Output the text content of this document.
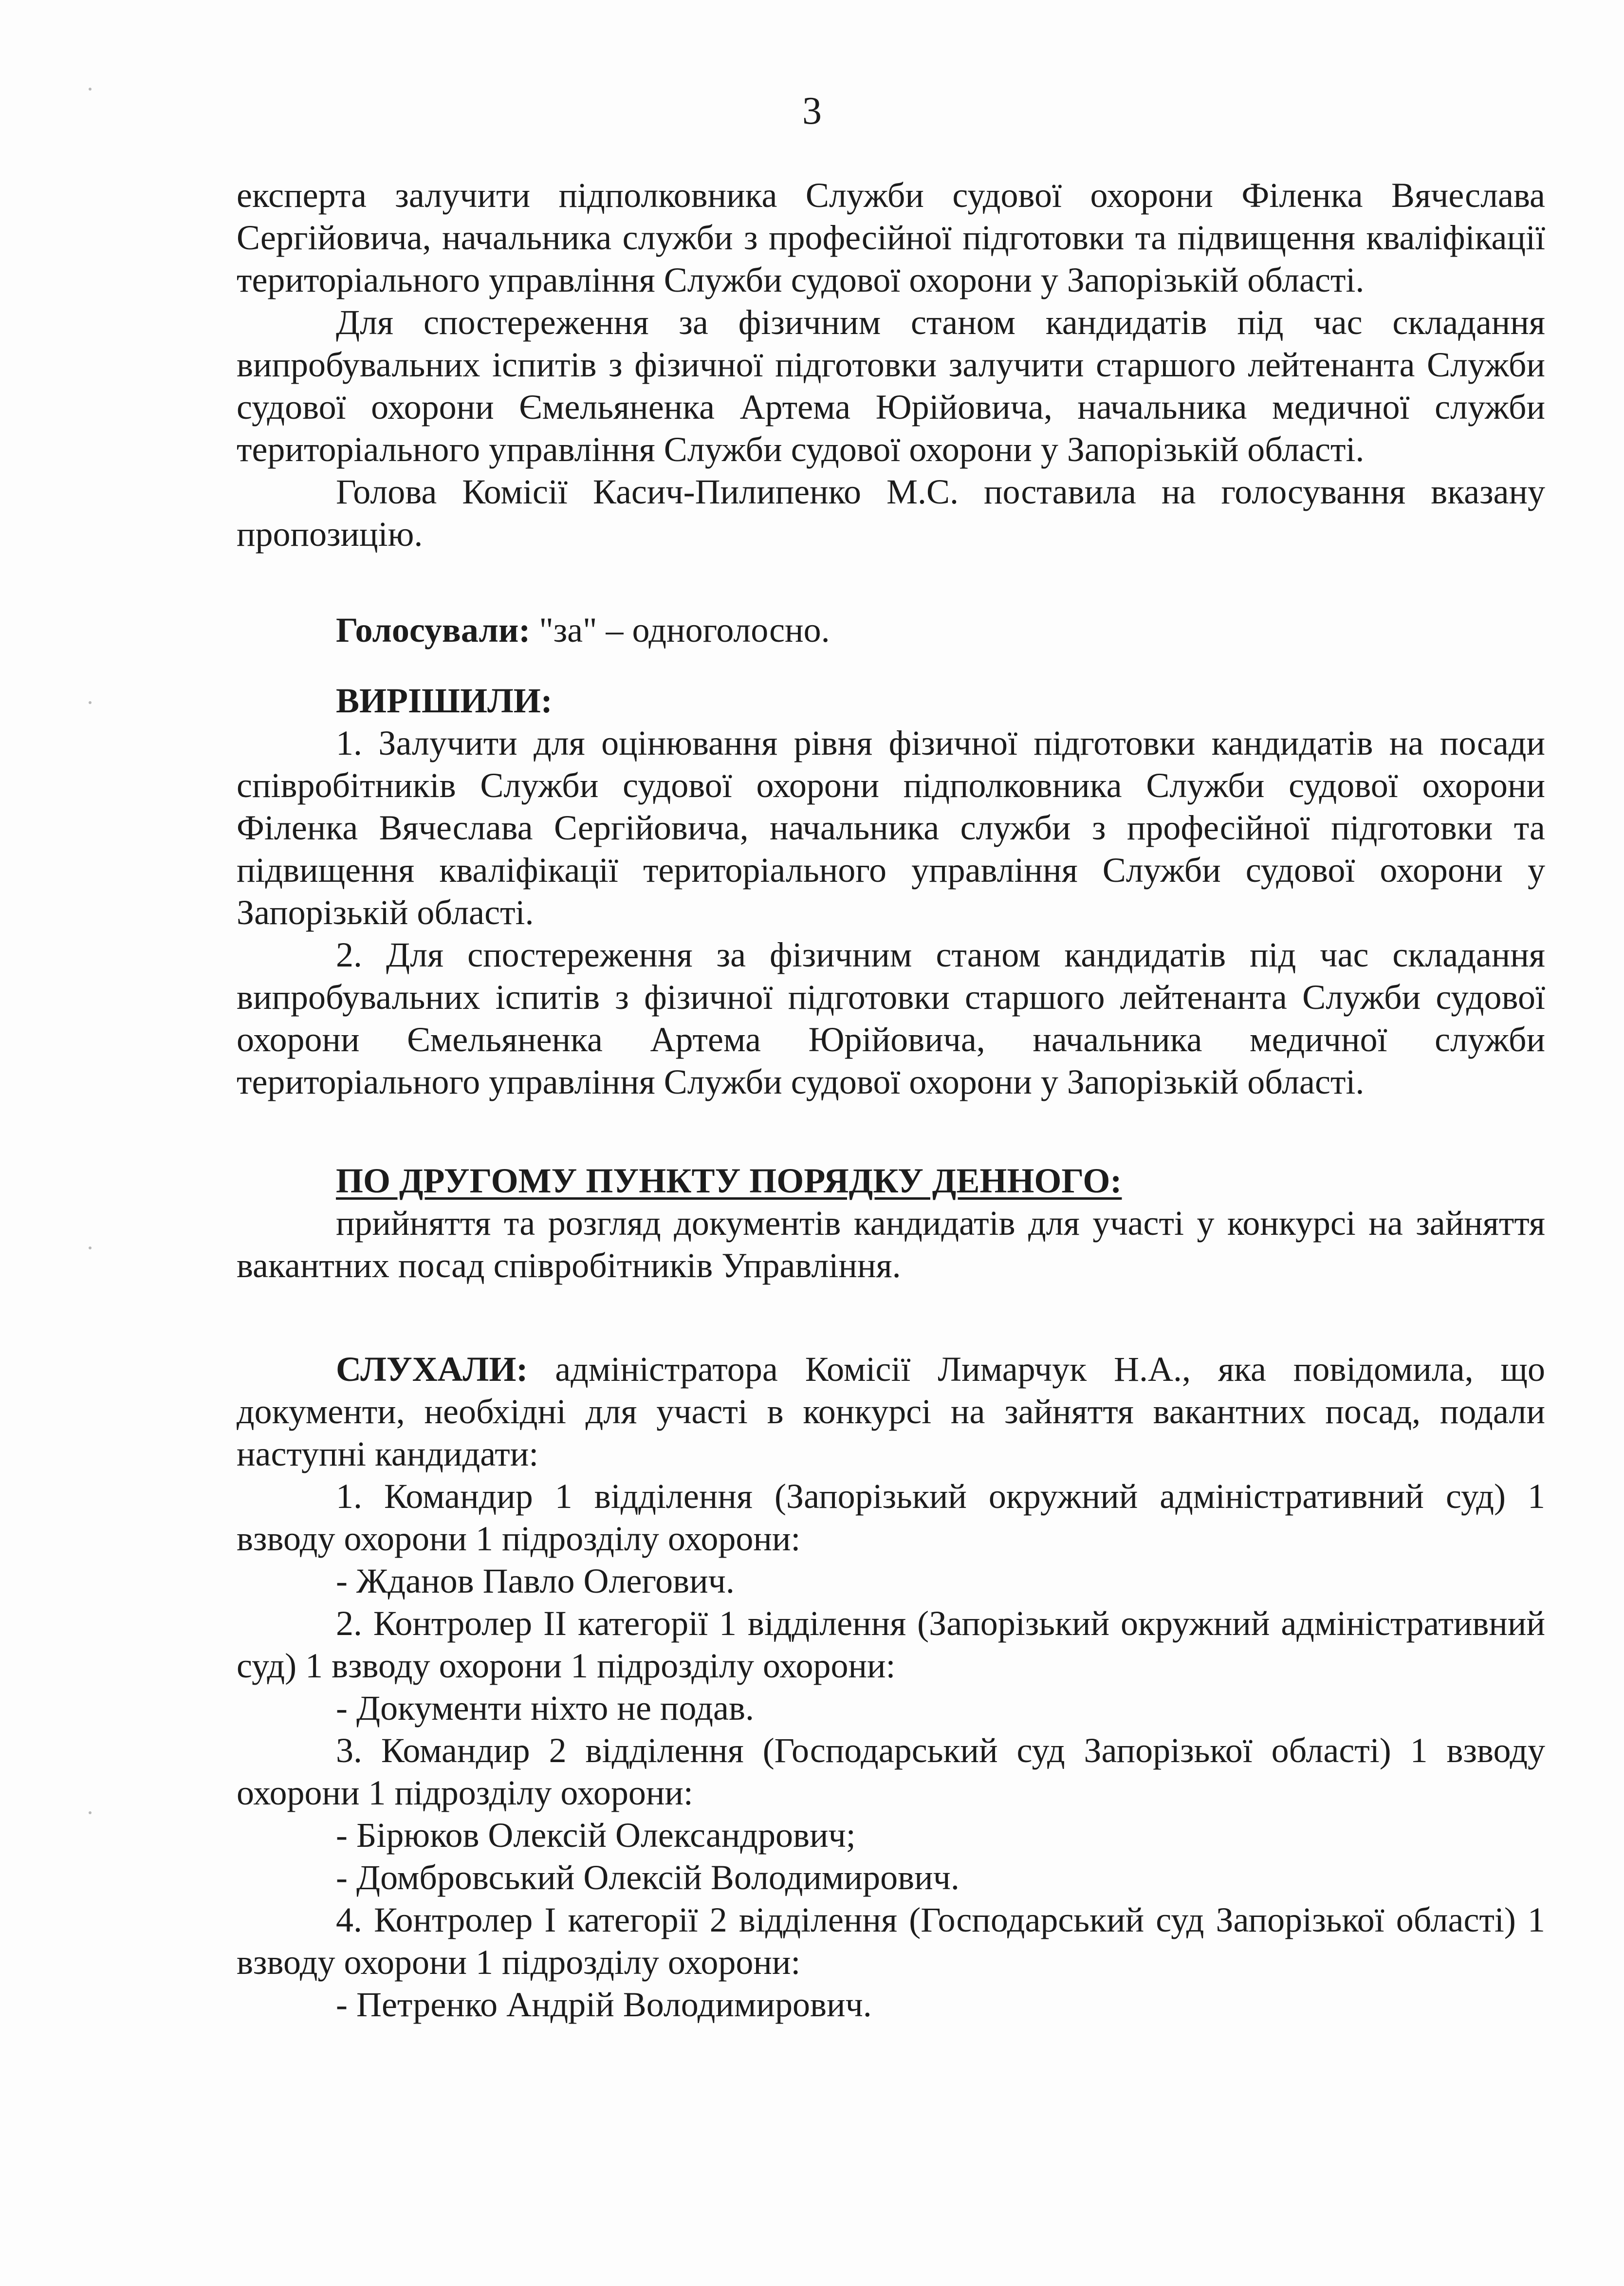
3

експерта залучити підполковника Служби судової охорони Філенка Вячеслава Сергійовича, начальника служби з професійної підготовки та підвищення кваліфікації територіального управління Служби судової охорони у Запорізькій області.

Для спостереження за фізичним станом кандидатів під час складання випробувальних іспитів з фізичної підготовки залучити старшого лейтенанта Служби судової охорони Ємельяненка Артема Юрійовича, начальника медичної служби територіального управління Служби судової охорони у Запорізькій області.

Голова Комісії Касич-Пилипенко М.С. поставила на голосування вказану пропозицію.

Голосували: "за" – одноголосно.

ВИРІШИЛИ:

1. Залучити для оцінювання рівня фізичної підготовки кандидатів на посади співробітників Служби судової охорони підполковника Служби судової охорони Філенка Вячеслава Сергійовича, начальника служби з професійної підготовки та підвищення кваліфікації територіального управління Служби судової охорони у Запорізькій області.

2. Для спостереження за фізичним станом кандидатів під час складання випробувальних іспитів з фізичної підготовки старшого лейтенанта Служби судової охорони Ємельяненка Артема Юрійовича, начальника медичної служби територіального управління Служби судової охорони у Запорізькій області.

ПО ДРУГОМУ ПУНКТУ ПОРЯДКУ ДЕННОГО:

прийняття та розгляд документів кандидатів для участі у конкурсі на зайняття вакантних посад співробітників Управління.

СЛУХАЛИ: адміністратора Комісії Лимарчук Н.А., яка повідомила, що документи, необхідні для участі в конкурсі на зайняття вакантних посад, подали наступні кандидати:

1. Командир 1 відділення (Запорізький окружний адміністративний суд) 1 взводу охорони 1 підрозділу охорони:

- Жданов Павло Олегович.

2. Контролер ІІ категорії 1 відділення (Запорізький окружний адміністративний суд) 1 взводу охорони 1 підрозділу охорони:

- Документи ніхто не подав.

3. Командир 2 відділення (Господарський суд Запорізької області) 1 взводу охорони 1 підрозділу охорони:

- Бірюков Олексій Олександрович;

- Домбровський Олексій Володимирович.

4. Контролер І категорії 2 відділення (Господарський суд Запорізької області) 1 взводу охорони 1 підрозділу охорони:

- Петренко Андрій Володимирович.
